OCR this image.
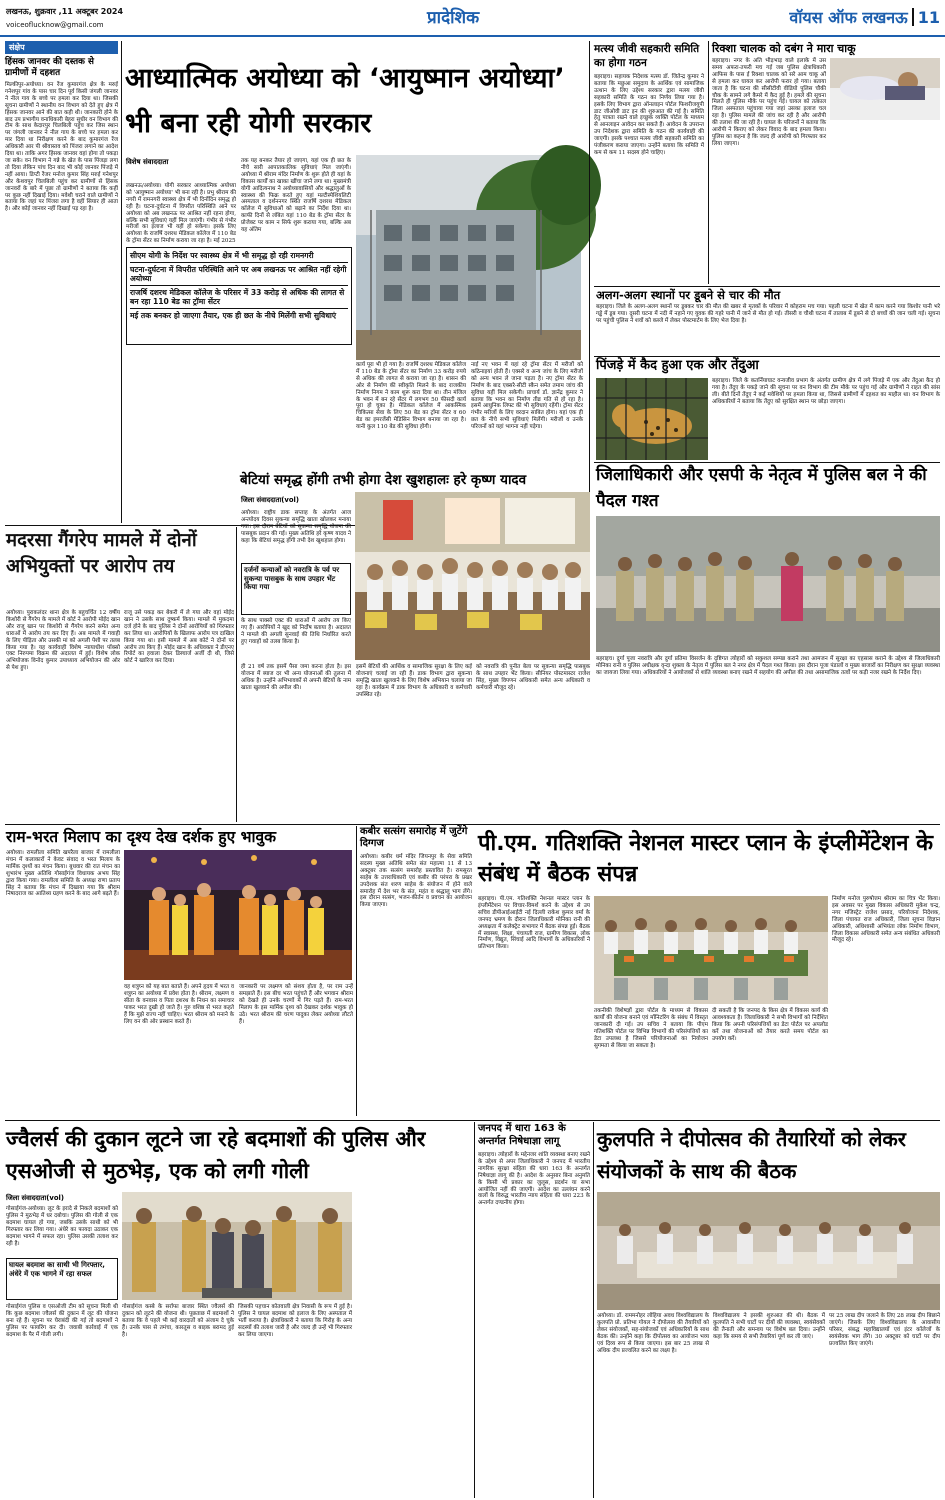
लखनऊ, शुक्रवार ,11 अक्टूबर 2024
voiceoflucknow@gmail.com	प्रादेशिक	वॉयस ऑफ लखनऊ 11
संक्षेप
हिंसक जानवर की दस्तक से ग्रामीणों में दहशत
मिल्कीपुर-अयोध्या। वन रेंज कुमारगंज क्षेत्र के मरुई गनेशपुर गांव के पास चार दिन पूर्व किसी जंगली जानवर ने नील गाय के बच्चे पर हमला कर दिया था। जिसकी सूचना ग्रामीणों ने स्थानीय वन विभाग को देते हुए क्षेत्र में हिंसक जानवर आने की बात कही थी। जानकारी होने के बाद उप प्रभागीय वनाधिकारी बेहरा सुधीर वन विभाग की टीम के साथ केदारपुर चिलबिली पहुंच कर जिस स्थान पर जंगली जानवर ने नील गाय के बच्चे पर हमला कर मार दिया था निरीक्षण करने के बाद कुमारगंज रेंज अधिकारी आर पी श्रीवास्तव को पिंजरा लगाने का आदेश दिया था। ताकि अगर हिंसक जानवर वहां होगा तो पकड़ा जा सके। वन विभाग ने गन्ने के खेत के पास पिंजड़ा लगा तो दिया लेकिन पांच दिन बाद भी कोई जानवर पिंजड़े में नहीं आया। डिप्टी रेंजर मनोज कुमार सिंह मरुई गनेशपुर और केशवपुर चिलबिली पहुंच कर ग्रामीणों से हिंसक जानवरों के बारे में पूछा तो ग्रामीणों ने बताया कि कहीं पर कुछ नहीं दिखाई दिया। मवेशी चराने वाले ग्रामीणों ने बताया कि जहां पर पिंजरा लगा है वहीं सियार ही आता है। और कोई जानवर नहीं दिखाई पड़ रहा है।
आध्यात्मिक अयोध्या को ‘आयुष्मान अयोध्या’ भी बना रही योगी सरकार
विशेष संवाददाता
लखनऊ/अयोध्या। योगी सरकार आध्यात्मिक अयोध्या को 'आयुष्मान अयोध्या' भी बना रही है। प्रभु श्रीराम की नगरी में रामनगरी स्वास्थ्य क्षेत्र में भी दिनोंदिन समृद्ध हो रही है। घटना-दुर्घटना में विपरीत परिस्थिति आने पर अयोध्या को अब लखनऊ पर आश्रित नहीं रहना होगा, बल्कि सभी सुविधाएं यहीं मिल जाएंगी। गंभीर से गंभीर मरीजों का इलाज भी यहीं हो सकेगा। इसके लिए अयोध्या के राजर्षि दशरथ मेडिकल कॉलेज में 110 बेड के ट्रॉमा सेंटर का निर्माण कराया जा रहा है। मई 2025
तक यह बनकर तैयार हो जाएगा, यहां एक ही छत के नीचे सारी आपातकालिक सुविधाएं मिल जाएंगी। अयोध्या में श्रीराम मंदिर निर्माण के शुरू होते ही यहां के विकास कार्यों का खाका खींचा जाने लगा था। मुख्यमंत्री योगी आदित्यनाथ ने अयोध्यावासियों और श्रद्धालुओं के स्वास्थ्य की फिक्र करते हुए यहां मल्टीस्पेशियलिटी अस्पताल व दर्शननगर स्थित राजर्षि दशरथ मेडिकल कॉलेज में सुविधाओं को बढ़ाने का निर्देश दिया था। काफी दिनों से लंबित यहां 110 बेड के ट्रॉमा सेंटर के प्रोजेक्ट पर काम न सिर्फ शुरू कराया गया, बल्कि अब यह अंतिम
सीएम योगी के निर्देश पर स्वास्थ्य क्षेत्र में भी समृद्ध हो रही रामनगरी
घटना-दुर्घटना में विपरीत परिस्थिति आने पर अब लखनऊ पर आश्रित नहीं रहेगी अयोध्या
राजर्षि दशरथ मेडिकल कॉलेज के परिसर में 33 करोड़ से अधिक की लागत से बन रहा 110 बेड का ट्रॉमा सेंटर
मई तक बनकर हो जाएगा तैयार, एक ही छत के नीचे मिलेंगी सभी सुविधाएं
कार्य पूरा भी हो गया है। राजर्षि दशरथ मेडिकल कॉलेज में 110 बेड के ट्रॉमा सेंटर का निर्माण 33 करोड़ रुपये से अधिक की लागत से कराया जा रहा है। शासन की ओर से निर्माण की स्वीकृति मिलने के बाद राजकीय निर्माण निगम ने काम शुरू करा दिया था। तीन मंजिल के भवन में बन रहे सेंटर में लगभग 50 फीसदी कार्य पूरा हो चुका है। मेडिकल कॉलेज में आकस्मिक चिकित्सा सेवा के लिए 50 बेड का ट्रॉमा सेंटर व 60 बेड का इमरजेंसी मेडिसिन विभाग बनाया जा रहा है। यानी कुल 110 बेड की सुविधा होगी।
नाई नए भवन में यहां रहे ट्रॉमा सेंटर में मरीजों को कठिनाइयां होती हैं। एक्सरे व अन्य जांच के लिए मरीजों को अन्य भवन ले जाना पड़ता है। नए ट्रॉमा सेंटर के निर्माण के बाद एक्सरे-सीटी स्कैन समेत तमाम जांच की सुविधा यहीं मिल सकेगी। प्राचार्य डॉ. ज्ञानेंद्र कुमार ने बताया कि भवन का निर्माण तीव्र गति से हो रहा है। इसमें आधुनिक लिफ्ट की भी सुविधाएं रहेंगी। ट्रॉमा सेंटर गंभीर मरीजों के लिए वरदान साबित होगा। यहां एक ही छत के नीचे सभी सुविधाएं मिलेंगी। मरीजों व उनके परिजनों को यहां भागना नहीं पड़ेगा।
मत्स्य जीवी सहकारी समिति का होगा गठन
बहराइच। सहायक निदेशक मत्स्य डॉ. जितेन्द्र कुमार ने बताया कि मछुआ समुदाय के आर्थिक एवं सामाजिक उत्थान के लिए उद्देश्य सरकार द्वारा मत्स्य जीवी सहकारी समिति के गठन का निर्णय लिया गया है। इसके लिए विभाग द्वारा ऑनलाइन पोर्टल फिशरीजयूपी डाट जीओवी डाट इन की शुरुआत की गई है। समिति हेतु पात्रता रखने वाले इच्छुक व्यक्ति पोर्टल के माध्यम से आनलाइन आवेदन कर सकते हैं। आवेदन के उपरान्त उप निदेशक द्वारा समिति के गठन की कार्यवाही की जाएगी। इसके पश्चात मत्स्य जीवी सहकारी समिति का पंजीकरण कराया जाएगा। उन्होंने बताया कि समिति में कम से कम 11 सदस्य होने चाहिए।
रिक्शा चालक को दबंग ने मारा चाकू
बहराइच। नगर के अति भीड़भाड़ वाले इलाके में उस समय अफरा-तफरी मच गई जब पुलिस क्षेत्राधिकारी आफिस के पास ई रिक्शा चालक को सरे आम चाकू ओं से हमला कर घायल कर आरोपी फरार हो गया। बताया जाता है कि घटना की सीसीटीवी वीडियो पुलिस चौकी चौक के सामने लगे कैमरे में कैद हुई है। हमले की सूचना मिलते ही पुलिस मौके पर पहुंच गई। घायल को तत्काल जिला अस्पताल पहुंचाया गया जहां उसका इलाज चल रहा है। पुलिस मामले की जांच कर रही है और आरोपी की तलाश की जा रही है। घायल के परिजनों ने बताया कि आरोपी ने किराए को लेकर विवाद के बाद हमला किया। पुलिस का कहना है कि जल्द ही आरोपी को गिरफ्तार कर लिया जाएगा।
अलग-अलग स्थानों पर डूबने से चार की मौत
बहराइच। जिले के अलग-अलग स्थानों पर डूबकर चार की मौत की खबर से मृतकों के परिवार में कोहराम मच गया। पहली घटना में खेत में काम करने गया किशोर पानी भरे गड्ढे में डूब गया। दूसरी घटना में नदी में नहाने गए युवक की गहरे पानी में जाने से मौत हो गई। तीसरी व चौथी घटना में तालाब में डूबने से दो बच्चों की जान चली गई। सूचना पर पहुंची पुलिस ने शवों को कब्जे में लेकर पोस्टमार्टम के लिए भेज दिया है।
पिंजड़े में कैद हुआ एक और तेंदुआ
बहराइच। जिले के कतर्नियाघाट वन्यजीव प्रभाग के अंतर्गत ग्रामीण क्षेत्र में लगे पिंजड़े में एक और तेंदुआ कैद हो गया है। तेंदुए के पकड़े जाने की सूचना पर वन विभाग की टीम मौके पर पहुंच गई और ग्रामीणों ने राहत की सांस ली। बीते दिनों तेंदुए ने कई मवेशियों पर हमला किया था, जिससे ग्रामीणों में दहशत का माहौल था। वन विभाग के अधिकारियों ने बताया कि तेंदुए को सुरक्षित स्थान पर छोड़ा जाएगा।
जिलाधिकारी और एसपी के नेतृत्व में पुलिस बल ने की पैदल गश्त
मदरसा गैंगरेप मामले में दोनों अभियुक्तों पर आरोप तय
अयोध्या। पुराकलंदर थाना क्षेत्र के बहुचर्चित 12 वर्षीय किशोरी से गैंगरेप के मामले में कोर्ट ने आरोपी मोईद खान और राजू खान पर किशोरी से गैंगरेप करने समेत अन्य धाराओं में आरोप तय कर दिए हैं। अब मामले में गवाही के लिए पीड़िता और उसकी मां को अगली पेशी पर तलब किया गया है। यह कार्यवाही विशेष न्यायाधीश पॉक्सो एक्ट निरुपमा विक्रम की अदालत में हुई। विशेष लोक अभियोजक विनोद कुमार उपाध्याय अभियोजन की ओर से पेश हुए।
राजू उसे पकड़ कर बेकरी में ले गया और वहां मोईद खान ने उसके साथ दुष्कर्म किया। मामले में मुकदमा दर्ज होने के बाद पुलिस ने दोनों आरोपियों को गिरफ्तार कर लिया था। आरोपियों के खिलाफ आरोप पत्र दाखिल किया गया था। इसी मामले में अब कोर्ट ने दोनों पर आरोप तय किए हैं। मोईद खान के अधिवक्ता ने डीएनए रिपोर्ट का हवाला देकर डिस्चार्ज अर्जी दी थी, जिसे कोर्ट ने खारिज कर दिया।
बेटियां समृद्ध होंगी तभी होगा देश खुशहालः हरे कृष्ण यादव
जिला संवाददाता(vol)
अयोध्या। राष्ट्रीय डाक सप्ताह के अंतर्गत आज अन्त्योदय दिवस सुकन्या समृद्धि खाता खोलकर मनाया गया। इस दौरान बेटियों को सुकन्या समृद्धि योजना की पासबुक प्रदान की गई। मुख्य अतिथि हरे कृष्ण यादव ने कहा कि बेटियां समृद्ध होंगी तभी देश खुशहाल होगा।
दर्जनों कन्याओं को नवरात्रि के पर्व पर सुकन्या पासबुक के साथ उपहार भेंट किया गया
के साथ पाक्सो एक्ट की धाराओं में आरोप तय किए गए हैं। आरोपियों ने खुद को निर्दोष बताया है। अदालत ने मामले की अगली सुनवाई की तिथि निर्धारित करते हुए गवाहों को तलब किया है।
ही 21 वर्ष तक इसमें पैसा जमा करना होता है। इस योजना में ब्याज दर भी अन्य योजनाओं की तुलना में अधिक है। उन्होंने अभिभावकों से अपनी बेटियों के नाम खाता खुलवाने की अपील की।
इसमें बेटियों की आर्थिक व सामाजिक सुरक्षा के लिए कई योजनाएं चलाई जा रही हैं। डाक विभाग द्वारा सुकन्या समृद्धि खाता खुलवाने के लिए विशेष अभियान चलाया जा रहा है। कार्यक्रम में डाक विभाग के अधिकारी व कर्मचारी उपस्थित रहे।
को नवरात्रि की पुनीत बेला पर सुकन्या समृद्धि पासबुक के साथ उपहार भेंट किया। सीनियर पोस्टमास्टर राजेश सिंह, मुख्य विपणन अधिकारी समेत अन्य अधिकारी व कर्मचारी मौजूद रहे।
बहराइच। दुर्गा पूजा नवरात्रि और दुर्गा प्रतिमा विसर्जन के दृष्टिगत त्योहारों को सकुशल सम्पन्न कराने तथा आमजन में सुरक्षा का एहसास कराने के उद्देश्य से जिलाधिकारी मोनिका रानी व पुलिस अधीक्षक वृन्दा शुक्ला के नेतृत्व में पुलिस बल ने नगर क्षेत्र में पैदल गश्त किया। इस दौरान पूजा पंडालों व मुख्य बाजारों का निरीक्षण कर सुरक्षा व्यवस्था का जायजा लिया गया। अधिकारियों ने आयोजकों से शांति व्यवस्था बनाए रखने में सहयोग की अपील की तथा असामाजिक तत्वों पर कड़ी नजर रखने के निर्देश दिए।
राम-भरत मिलाप का दृश्य देख दर्शक हुए भावुक
अयोध्या। रामलीला समिति खपरैला बाजार में रामलीला मंचन में कलाकारों ने केवट संवाद व भरत मिलाप के मार्मिक दृश्यों का मंचन किया। बुधवार की रात मंचन का शुभारंभ मुख्य अतिथि गोसाईगंज विधायक अभय सिंह द्वारा किया गया। रामलीला समिति के अध्यक्ष राणा प्रताप सिंह ने बताया कि मंचन में दिखाया गया कि श्रीराम निषादराज का आतिथ्य ग्रहण करने के बाद आगे बढ़ते हैं।
वह शत्रुघ्न को यह बात बताते हैं। अपने हृदय में भरत व शत्रुघ्न का अयोध्या में प्रवेश होता है। श्रीराम, लक्ष्मण व सीता के वनवास व पिता दशरथ के निधन का समाचार पाकर भरत दुखी हो जाते हैं। गुरु वशिष्ठ से भरत कहते हैं कि मुझे राज्य नहीं चाहिए। भरत श्रीराम को मनाने के लिए वन की ओर प्रस्थान करते हैं।
जानकारी पर लक्ष्मण को संशय होता है, पर राम उन्हें समझाते हैं। इस बीच भरत पहुंचते हैं और भगवान श्रीराम को देखते ही उनके चरणों में गिर पड़ते हैं। राम-भरत मिलाप के इस मार्मिक दृश्य को देखकर दर्शक भावुक हो उठे। भरत श्रीराम की चरण पादुका लेकर अयोध्या लौटते हैं।
कबीर सत्संग समारोह में जुटेंगे दिग्गज
अयोध्या। कबीर धर्म मंदिर जियनपुर के सेवा समिति सदस्य मुख्य अतिथि समेत संत महात्मा 11 से 13 अक्टूबर तक सत्संग समारोह प्रस्तावित है। रामसूरत साहेब के उत्तराधिकारी एवं कबीर की परंपरा के प्रखर उपदेशक संत शरण साहेब के संयोजन में होने वाले समारोह में देश भर के संत, महंत व श्रद्धालु भाग लेंगे। इस दौरान सत्संग, भजन-कीर्तन व प्रवचन का आयोजन किया जाएगा।
पी.एम. गतिशक्ति नेशनल मास्टर प्लान के इंप्लीमेंटेशन के संबंध में बैठक संपन्न
बहराइच। पी.एम. गतिशक्ति नेशनल मास्टर प्लान के इंप्लीमेंटेशन पर विचार-विमर्श करने के उद्देश्य से उप सचिव डीपीआईआईटी नई दिल्ली राकेश कुमार वर्मा के जनपद भ्रमण के दौरान जिलाधिकारी मोनिका रानी की अध्यक्षता में कलेक्ट्रेट सभागार में बैठक संपन्न हुई। बैठक में स्वास्थ्य, शिक्षा, पंचायती राज, ग्रामीण विकास, लोक निर्माण, विद्युत, सिंचाई आदि विभागों के अधिकारियों ने प्रतिभाग किया।
तकनीकी विशेषज्ञों द्वारा पोर्टल के माध्यम से विकास कार्यों की योजना बनाने एवं मॉनिटरिंग के संबंध में विस्तृत जानकारी दी गई। उप सचिव ने बताया कि पीएम गतिशक्ति पोर्टल पर विभिन्न विभागों की परिसंपत्तियों का डेटा उपलब्ध है जिससे परियोजनाओं का नियोजन सुगमता से किया जा सकता है।
दी सकती है कि जनपद के किस क्षेत्र में विकास कार्य की आवश्यकता है। जिलाधिकारी ने सभी विभागों को निर्देशित किया कि अपनी परिसंपत्तियों का डेटा पोर्टल पर अपलोड करें तथा योजनाओं को तैयार करते समय पोर्टल का उपयोग करें।
निर्माण मनोज पुरुषोत्तम श्रीराम का चित्र भेंट किया। इस अवसर पर मुख्य विकास अधिकारी मुकेश चन्द्र, नगर मजिस्ट्रेट राजेश प्रसाद, परियोजना निदेशक, जिला पंचायत राज अधिकारी, जिला सूचना विज्ञान अधिकारी, अधिशासी अभियंता लोक निर्माण विभाग, जिला विकास अधिकारी समेत अन्य संबंधित अधिकारी मौजूद रहे।
ज्वैलर्स की दुकान लूटने जा रहे बदमाशों की पुलिस और एसओजी से मुठभेड़, एक को लगी गोली
जिला संवाददाता(vol)
गोसाईगंज-अयोध्या। लूट के इरादे से निकले बदमाशों को पुलिस ने मुठभेड़ में धर दबोचा। पुलिस की गोली से एक बदमाश घायल हो गया, जबकि उसके साथी को भी गिरफ्तार कर लिया गया। अंधेरे का फायदा उठाकर एक बदमाश भागने में सफल रहा। पुलिस उसकी तलाश कर रही है।
घायल बदमाश का साथी भी गिरफ्तार, अंधेरे में एक भागने में रहा सफल
गोसाईगंज पुलिस व एसओजी टीम को सूचना मिली थी कि कुछ बदमाश ज्वैलर्स की दुकान में लूट की योजना बना रहे हैं। सूचना पर घेराबंदी की गई तो बदमाशों ने पुलिस पर फायरिंग कर दी। जवाबी कार्रवाई में एक बदमाश के पैर में गोली लगी।
गोसाईगंज कस्बे के सर्राफा बाजार स्थित ज्वैलर्स की दुकान को लूटने की योजना थी। पूछताछ में बदमाशों ने बताया कि वे पहले भी कई वारदातों को अंजाम दे चुके हैं। उनके पास से तमंचा, कारतूस व बाइक बरामद हुई है।
जिसकी पहचान कोतवाली क्षेत्र निवासी के रूप में हुई है। पुलिस ने घायल बदमाश को इलाज के लिए अस्पताल में भर्ती कराया है। क्षेत्राधिकारी ने बताया कि गिरोह के अन्य सदस्यों की तलाश जारी है और जल्द ही उन्हें भी गिरफ्तार कर लिया जाएगा।
जनपद में धारा 163 के अन्तर्गत निषेधाज्ञा लागू
बहराइच। त्योहारों के मद्देनजर शांति व्यवस्था बनाए रखने के उद्देश्य से अपर जिलाधिकारी ने जनपद में भारतीय नागरिक सुरक्षा संहिता की धारा 163 के अन्तर्गत निषेधाज्ञा लागू की है। आदेश के अनुसार बिना अनुमति के किसी भी प्रकार का जुलूस, प्रदर्शन या सभा आयोजित नहीं की जाएगी। आदेश का उल्लंघन करने वालों के विरुद्ध भारतीय न्याय संहिता की धारा 223 के अन्तर्गत दण्डनीय होगा।
कुलपति ने दीपोत्सव की तैयारियों को लेकर संयोजकों के साथ की बैठक
अयोध्या। डॉ. राममनोहर लोहिया अवध विश्वविद्यालय के कुलपति प्रो. प्रतिभा गोयल ने दीपोत्सव की तैयारियों को लेकर संयोजकों, सह-संयोजकों एवं अधिकारियों के साथ बैठक की। उन्होंने कहा कि दीपोत्सव का आयोजन भव्य एवं दिव्य रूप से किया जाएगा। इस बार 25 लाख से अधिक दीप प्रज्वलित करने का लक्ष्य है।
विश्वविद्यालय ने इसकी शुरुआत की थी। बैठक में कुलपति ने सभी घाटों पर दीयों की व्यवस्था, स्वयंसेवकों की तैनाती और समन्वय पर विशेष बल दिया। उन्होंने कहा कि समय से सभी तैयारियां पूर्ण कर ली जाएं।
पर 25 लाख दीप जलाने के लिए 28 लाख दीप बिछाने जाएंगे। जिसके लिए विश्वविद्यालय के आवासीय परिसर, संबद्ध महाविद्यालयों एवं इंटर कॉलेजों के स्वयंसेवक भाग लेंगे। 30 अक्टूबर को घाटों पर दीप प्रज्वलित किए जाएंगे।
